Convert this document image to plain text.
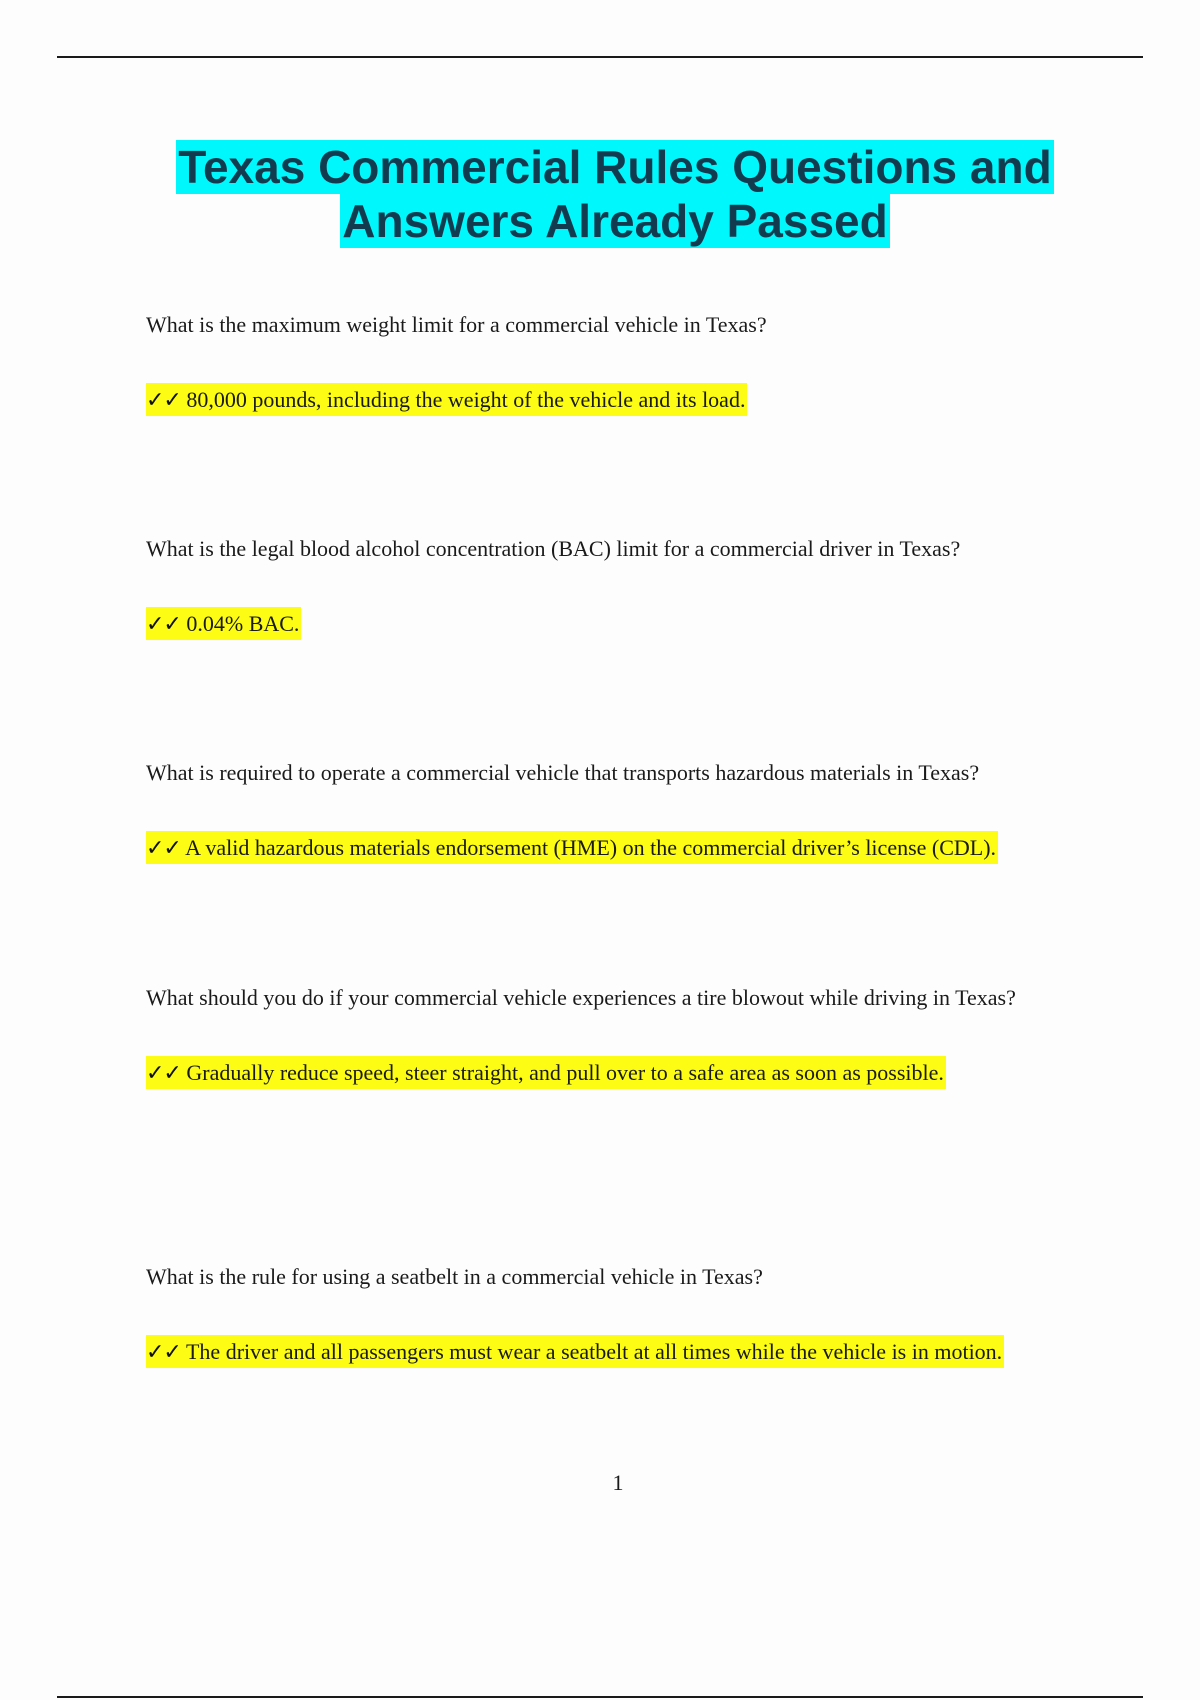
Texas Commercial Rules Questions and
Answers Already Passed

What is the maximum weight limit for a commercial vehicle in Texas?

✓✓ 80,000 pounds, including the weight of the vehicle and its load.

What is the legal blood alcohol concentration (BAC) limit for a commercial driver in Texas?

✓✓ 0.04% BAC.

What is required to operate a commercial vehicle that transports hazardous materials in Texas?

✓✓ A valid hazardous materials endorsement (HME) on the commercial driver’s license (CDL).

What should you do if your commercial vehicle experiences a tire blowout while driving in Texas?

✓✓ Gradually reduce speed, steer straight, and pull over to a safe area as soon as possible.

What is the rule for using a seatbelt in a commercial vehicle in Texas?

✓✓ The driver and all passengers must wear a seatbelt at all times while the vehicle is in motion.

1
